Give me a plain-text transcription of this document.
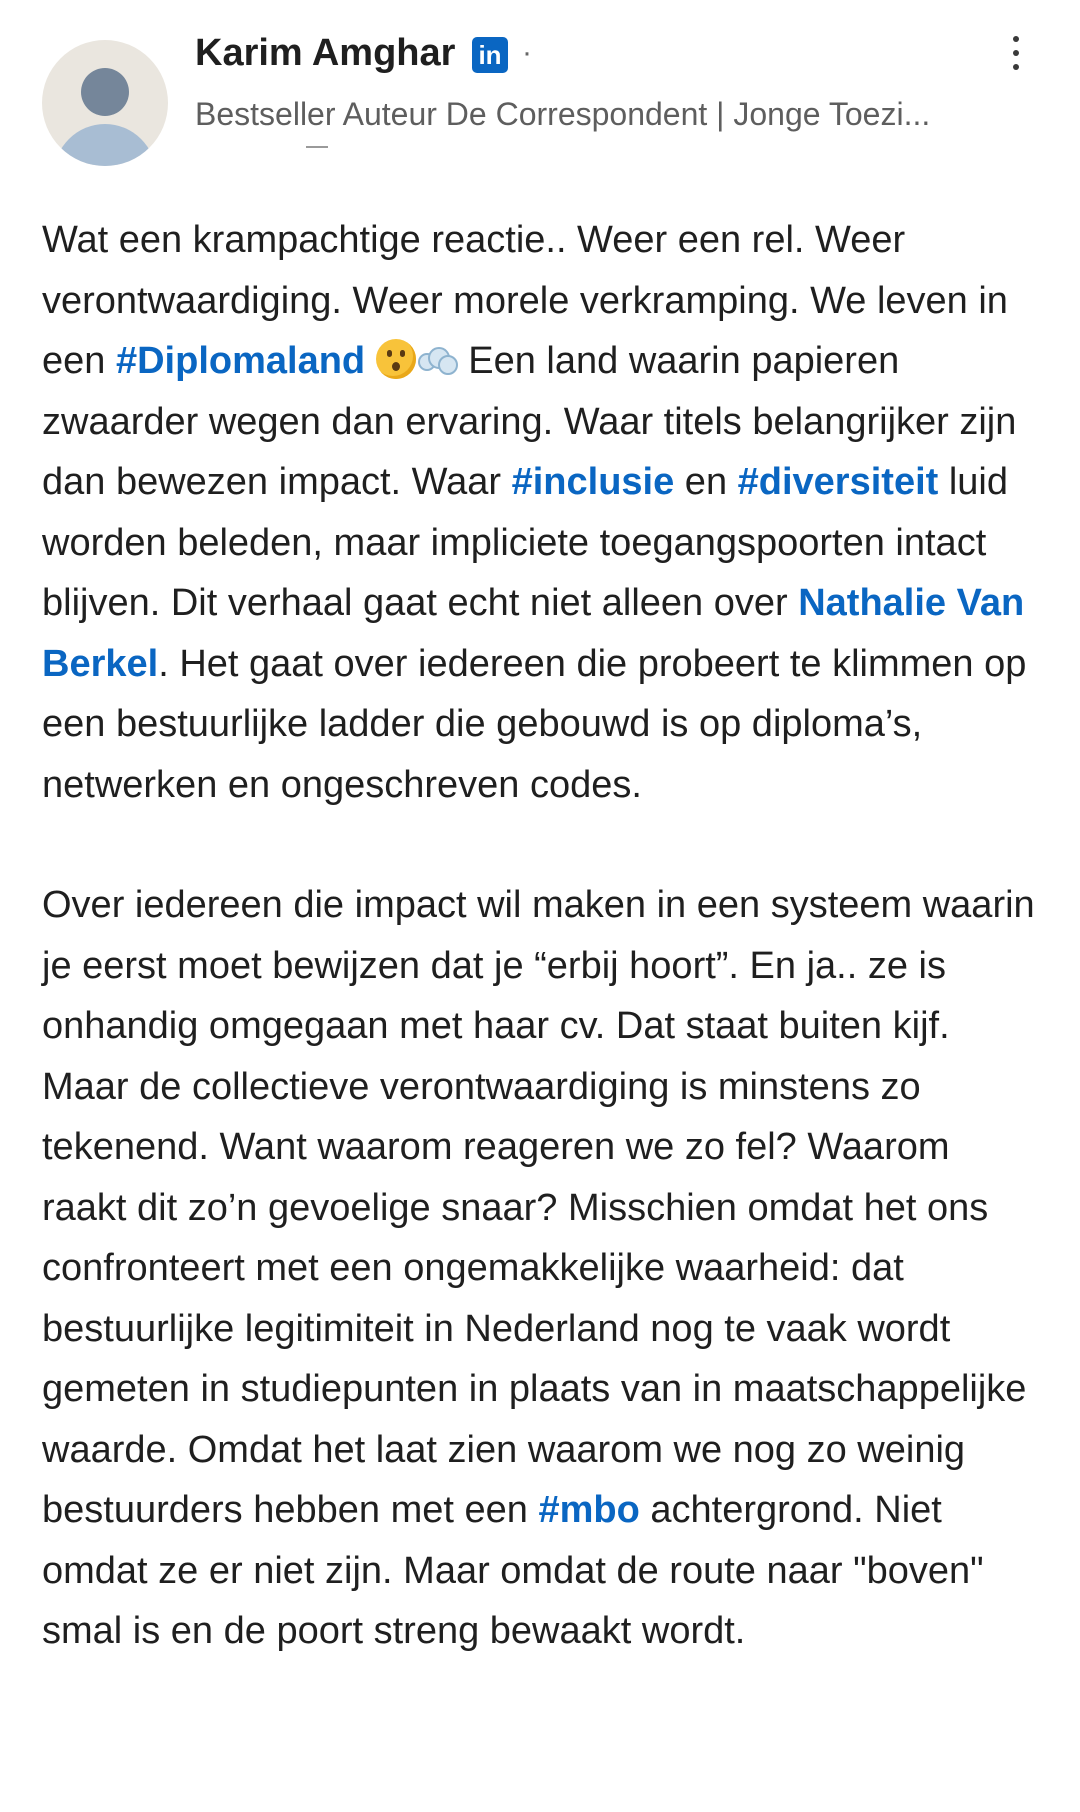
Karim Amghar in ·
Bestseller Auteur De Correspondent | Jonge Toezi...

Wat een krampachtige reactie.. Weer een rel. Weer verontwaardiging. Weer morele verkramping. We leven in een #Diplomaland
Een land waarin papieren zwaarder wegen dan ervaring. Waar titels belangrijker zijn dan bewezen impact. Waar #inclusie en #diversiteit luid worden beleden, maar impliciete toegangspoorten intact blijven. Dit verhaal gaat echt niet alleen over Nathalie Van Berkel. Het gaat over iedereen die probeert te klimmen op een bestuurlijke ladder die gebouwd is op diploma’s, netwerken en ongeschreven codes.

Over iedereen die impact wil maken in een systeem waarin je eerst moet bewijzen dat je “erbij hoort”. En ja.. ze is onhandig omgegaan met haar cv. Dat staat buiten kijf. Maar de collectieve verontwaardiging is minstens zo tekenend. Want waarom reageren we zo fel? Waarom raakt dit zo’n gevoelige snaar? Misschien omdat het ons confronteert met een ongemakkelijke waarheid: dat bestuurlijke legitimiteit in Nederland nog te vaak wordt gemeten in studiepunten in plaats van in maatschappelijke waarde. Omdat het laat zien waarom we nog zo weinig bestuurders hebben met een #mbo achtergrond. Niet omdat ze er niet zijn. Maar omdat de route naar "boven" smal is en de poort streng bewaakt wordt.
